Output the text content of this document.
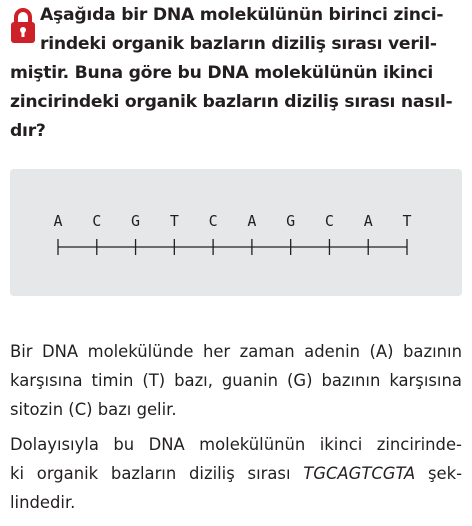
Aşağıda bir DNA molekülünün birinci zinci-
rindeki organik bazların diziliş sırası veril-
miştir. Buna göre bu DNA molekülünün ikinci
zincirindeki organik bazların diziliş sırası nasıl-
dır?
A C G T C A G C A T
Bir DNA molekülünde her zaman adenin (A) bazının
karşısına timin (T) bazı, guanin (G) bazının karşısına
sitozin (C) bazı gelir.
Dolayısıyla bu DNA molekülünün ikinci zincirinde-
ki organik bazların diziliş sırası TGCAGTCGTA şek-
lindedir.
